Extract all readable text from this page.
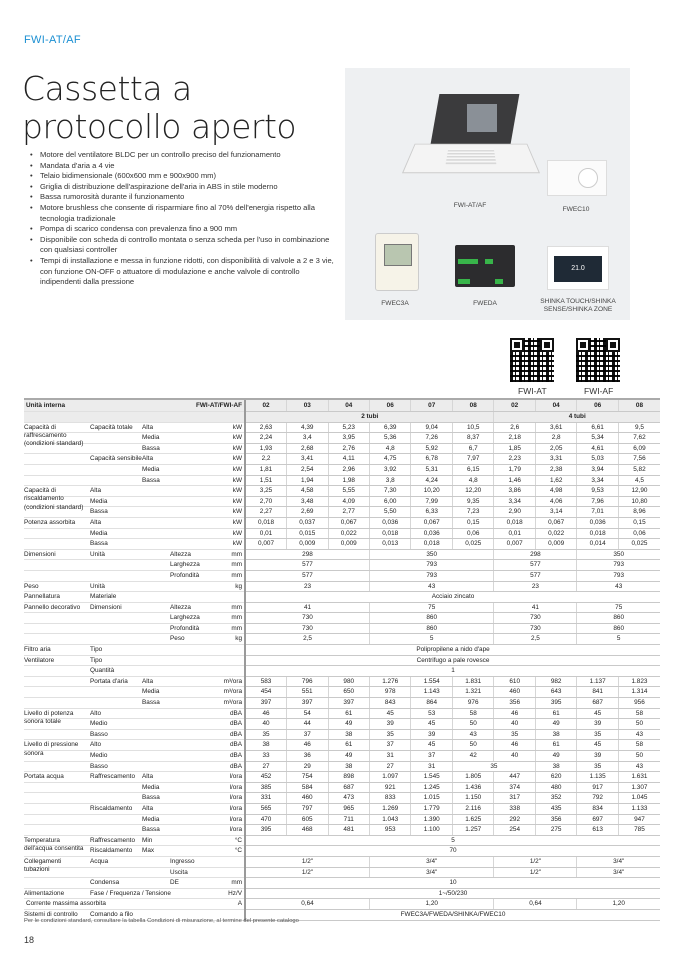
FWI-AT/AF
Cassetta a protocollo aperto
• Motore del ventilatore BLDC per un controllo preciso del funzionamento
• Mandata d'aria a 4 vie
• Telaio bidimensionale (600x600 mm e 900x900 mm)
• Griglia di distribuzione dell'aspirazione dell'aria in ABS in stile moderno
• Bassa rumorosità durante il funzionamento
• Motore brushless che consente di risparmiare fino al 70% dell'energia rispetto alla tecnologia tradizionale
• Pompa di scarico condensa con prevalenza fino a 900 mm
• Disponibile con scheda di controllo montata o senza scheda per l'uso in combinazione con qualsiasi controller
• Tempi di installazione e messa in funzione ridotti, con disponibilità di valvole a 2 e 3 vie, con funzione ON-OFF o attuatore di modulazione e anche valvole di controllo indipendenti dalla pressione
FWI-AT/AF
FWEC10
FWEC3A	FWEDA
21.0
SHINKA TOUCH/SHINKA SENSE/SHINKA ZONE
FWI-AT	FWI-AF
Unità interna		FWI-AT/FWI-AF			02	03	04	06	07	08	02	04	06	08
					2 tubi						4 tubi			

Capacità di raffrescamento (condizioni standard)	Capacità totale	Alta		kW	2,63	4,39	5,23	6,39	9,04	10,5	2,6	3,61	6,61	9,5
		Media		kW	2,24	3,4	3,95	5,36	7,26	8,37	2,18	2,8	5,34	7,62
		Bassa		kW	1,93	2,68	2,76	4,8	5,92	6,7	1,85	2,05	4,61	6,09
	Capacità sensibile	Alta		kW	2,2	3,41	4,11	4,75	6,78	7,97	2,23	3,31	5,03	7,56
		Media		kW	1,81	2,54	2,96	3,92	5,31	6,15	1,79	2,38	3,94	5,82
		Bassa		kW	1,51	1,94	1,98	3,8	4,24	4,8	1,46	1,62	3,34	4,5

Capacità di riscaldamento (condizioni standard)	Alta			kW	3,25	4,58	5,55	7,30	10,20	12,20	3,86	4,98	9,53	12,90
	Media			kW	2,70	3,48	4,09	6,00	7,99	9,35	3,34	4,06	7,96	10,80
	Bassa			kW	2,27	2,69	2,77	5,50	6,33	7,23	2,90	3,14	7,01	8,96

Potenza assorbita	Alta			kW	0,018	0,037	0,067	0,036	0,067	0,15	0,018	0,067	0,036	0,15
	Media			kW	0,01	0,015	0,022	0,018	0,036	0,06	0,01	0,022	0,018	0,06
	Bassa			kW	0,007	0,009	0,009	0,013	0,018	0,025	0,007	0,009	0,014	0,025

Dimensioni	Unità		Altezza	mm	298			350			298		350	
			Larghezza	mm	577			793			577		793	
			Profondità	mm	577			793			577		793	

Peso	Unità			kg	23			43			23		43	

Pannellatura	Materiale				Acciaio zincato									

Pannello decorativo	Dimensioni		Altezza	mm	41			75			41		75	
			Larghezza	mm	730			860			730		860	
			Profondità	mm	730			860			730		860	
			Peso	kg	2,5			5			2,5		5	

Filtro aria	Tipo				Polipropilene a nido d'ape									

Ventilatore	Tipo				Centrifugo a pale rovesce									
	Quantità				1									
	Portata d'aria	Alta		m³/ora	583	796	980	1.276	1.554	1.831	610	982	1.137	1.823
		Media		m³/ora	454	551	650	978	1.143	1.321	460	643	841	1.314
		Bassa		m³/ora	397	397	397	843	864	976	356	395	687	956

Livello di potenza sonora totale	Alto			dBA	46	54	61	45	53	58	46	61	45	58
	Medio			dBA	40	44	49	39	45	50	40	49	39	50
	Basso			dBA	35	37	38	35	39	43	35	38	35	43

Livello di pressione sonora	Alto			dBA	38	46	61	37	45	50	46	61	45	58
	Medio			dBA	33	36	49	31	37	42	40	49	39	50
	Basso			dBA	27	29	38	27	31	35		38	35	43

Portata acqua	Raffrescamento	Alta		l/ora	452	754	898	1.097	1.545	1.805	447	620	1.135	1.631
		Media		l/ora	385	584	687	921	1.245	1.436	374	480	917	1.307
		Bassa		l/ora	331	460	473	833	1.015	1.150	317	352	792	1.045
	Riscaldamento	Alta		l/ora	565	797	965	1.269	1.779	2.116	338	435	834	1.133
		Media		l/ora	470	605	711	1.043	1.390	1.625	292	356	697	947
		Bassa		l/ora	395	468	481	953	1.100	1.257	254	275	613	785

Temperatura dell'acqua consentita	Raffrescamento	Min		°C	5									
	Riscaldamento	Max		°C	70									

Collegamenti tubazioni	Acqua		Ingresso		1/2"			3/4"			1/2"		3/4"	
			Uscita		1/2"			3/4"			1/2"		3/4"	
	Condensa		DE	mm	10									

Alimentazione	Fase / Frequenza / Tensione			Hz/V	1~/50/230									
Corrente massima assorbita				A	0,64			1,20			0,64		1,20	

Sistemi di controllo	Comando a filo				FWEC3A/FWEDA/SHINKA/FWEC10									
Per le condizioni standard, consultare la tabella Condizioni di misurazione, al termine del presente catalogo
18
